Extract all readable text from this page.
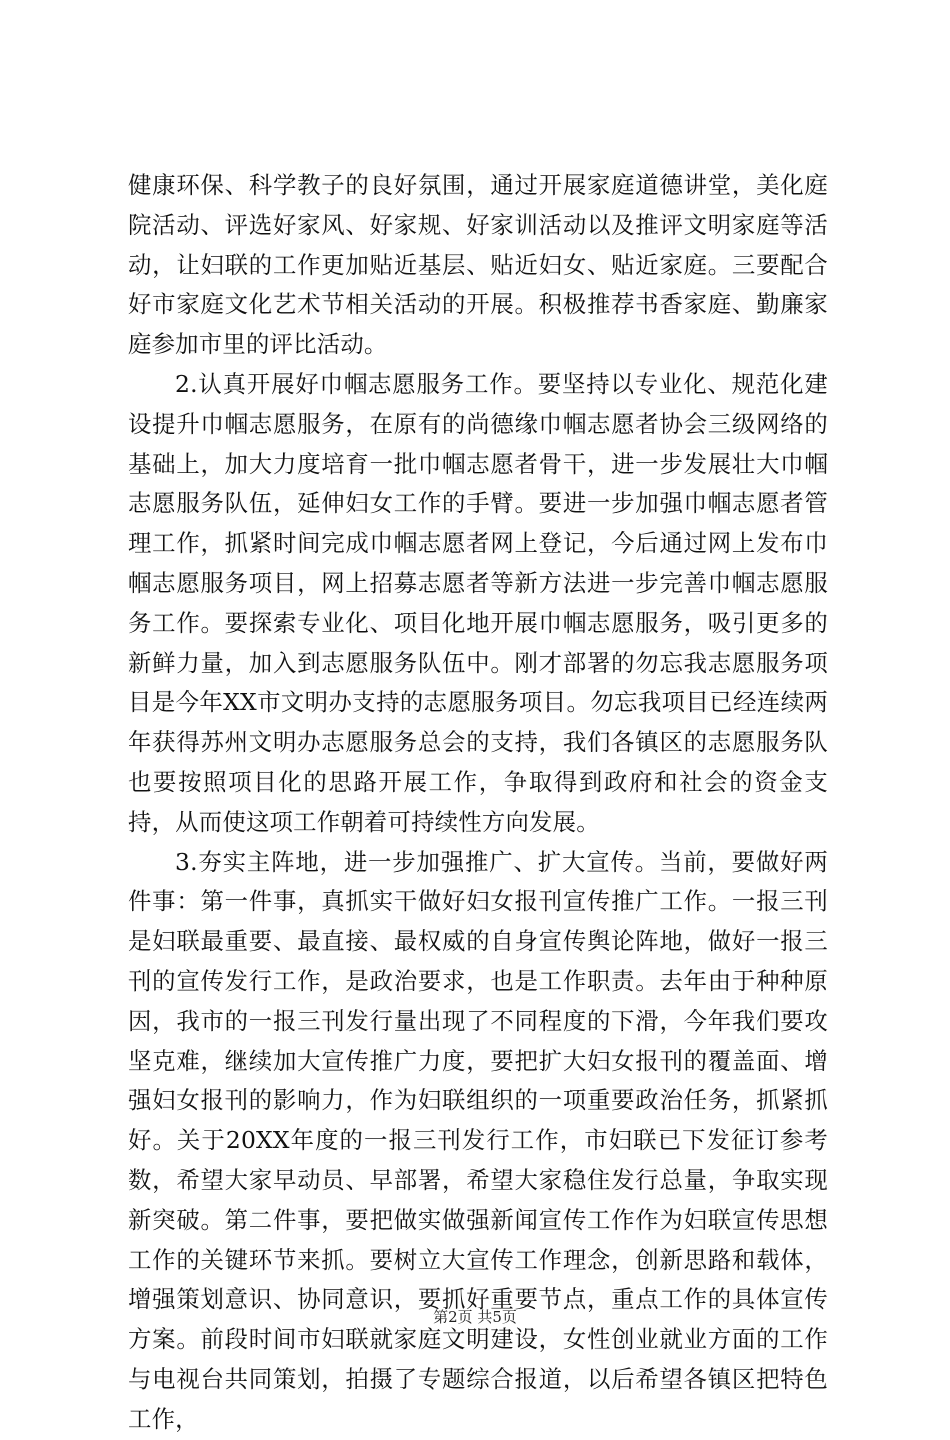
健康环保、科学教子的良好氛围，通过开展家庭道德讲堂，美化庭院活动、评选好家风、好家规、好家训活动以及推评文明家庭等活动，让妇联的工作更加贴近基层、贴近妇女、贴近家庭。三要配合好市家庭文化艺术节相关活动的开展。积极推荐书香家庭、勤廉家庭参加市里的评比活动。

2.认真开展好巾帼志愿服务工作。要坚持以专业化、规范化建设提升巾帼志愿服务，在原有的尚德缘巾帼志愿者协会三级网络的基础上，加大力度培育一批巾帼志愿者骨干，进一步发展壮大巾帼志愿服务队伍，延伸妇女工作的手臂。要进一步加强巾帼志愿者管理工作，抓紧时间完成巾帼志愿者网上登记，今后通过网上发布巾帼志愿服务项目，网上招募志愿者等新方法进一步完善巾帼志愿服务工作。要探索专业化、项目化地开展巾帼志愿服务，吸引更多的新鲜力量，加入到志愿服务队伍中。刚才部署的勿忘我志愿服务项目是今年XX市文明办支持的志愿服务项目。勿忘我项目已经连续两年获得苏州文明办志愿服务总会的支持，我们各镇区的志愿服务队也要按照项目化的思路开展工作，争取得到政府和社会的资金支持，从而使这项工作朝着可持续性方向发展。

3.夯实主阵地，进一步加强推广、扩大宣传。当前，要做好两件事：第一件事，真抓实干做好妇女报刊宣传推广工作。一报三刊是妇联最重要、最直接、最权威的自身宣传舆论阵地，做好一报三刊的宣传发行工作，是政治要求，也是工作职责。去年由于种种原因，我市的一报三刊发行量出现了不同程度的下滑，今年我们要攻坚克难，继续加大宣传推广力度，要把扩大妇女报刊的覆盖面、增强妇女报刊的影响力，作为妇联组织的一项重要政治任务，抓紧抓好。关于20XX年度的一报三刊发行工作，市妇联已下发征订参考数，希望大家早动员、早部署，希望大家稳住发行总量，争取实现新突破。第二件事，要把做实做强新闻宣传工作作为妇联宣传思想工作的关键环节来抓。要树立大宣传工作理念，创新思路和载体，增强策划意识、协同意识，要抓好重要节点，重点工作的具体宣传方案。前段时间市妇联就家庭文明建设，女性创业就业方面的工作与电视台共同策划，拍摄了专题综合报道，以后希望各镇区把特色工作，

第2页 共5页
